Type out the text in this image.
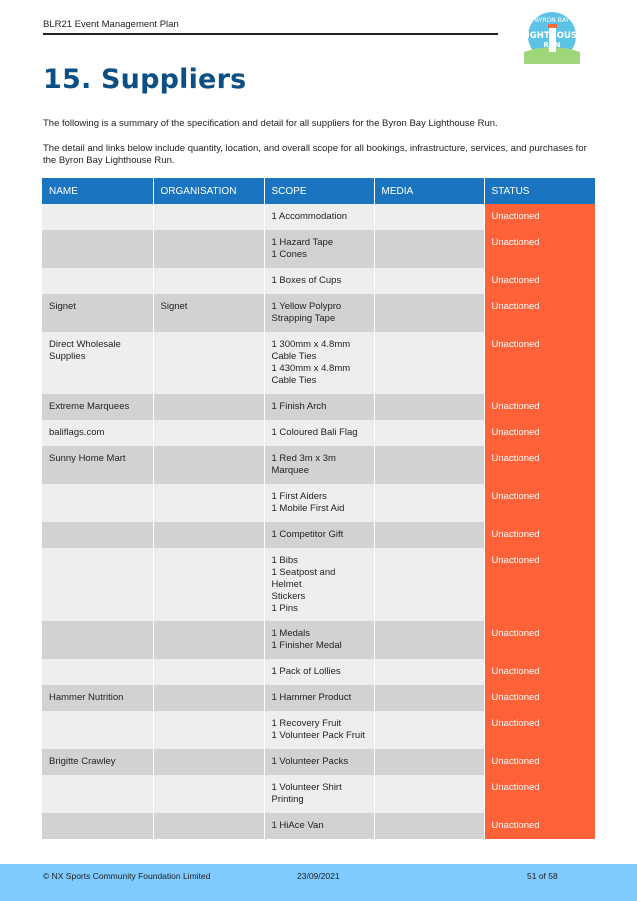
BLR21 Event Management Plan	BYRON BAY
LIGHTHOUSE
RUN
15. Suppliers

The following is a summary of the specification and detail for all suppliers for the Byron Bay Lighthouse Run.

The detail and links below include quantity, location, and overall scope for all bookings, infrastructure, services, and purchases for the Byron Bay Lighthouse Run.

NAME	ORGANISATION	SCOPE	MEDIA	STATUS

		1 Accommodation		Unactioned

		1 Hazard Tape
1 Cones		Unactioned

		1 Boxes of Cups		Unactioned
Signet	Signet	1 Yellow Polypro
Strapping Tape		Unactioned
Direct Wholesale Supplies		1 300mm x 4.8mm
Cable Ties
1 430mm x 4.8mm
Cable Ties		Unactioned
Extreme Marquees		1 Finish Arch		Unactioned
baliflags.com		1 Coloured Bali Flag		Unactioned
Sunny Home Mart		1 Red 3m x 3m
Marquee		Unactioned

		1 First Aiders
1 Mobile First Aid		Unactioned

		1 Competitor Gift		Unactioned

		1 Bibs
1 Seatpost and Helmet
Stickers
1 Pins		Unactioned

		1 Medals
1 Finisher Medal		Unactioned

		1 Pack of Lollies		Unactioned
Hammer Nutrition		1 Hammer Product		Unactioned

		1 Recovery Fruit
1 Volunteer Pack Fruit		Unactioned
Brigitte Crawley		1 Volunteer Packs		Unactioned

		1 Volunteer Shirt
Printing		Unactioned

		1 HiAce Van		Unactioned
© NX Sports Community Foundation Limited	23/09/2021	51 of 58
